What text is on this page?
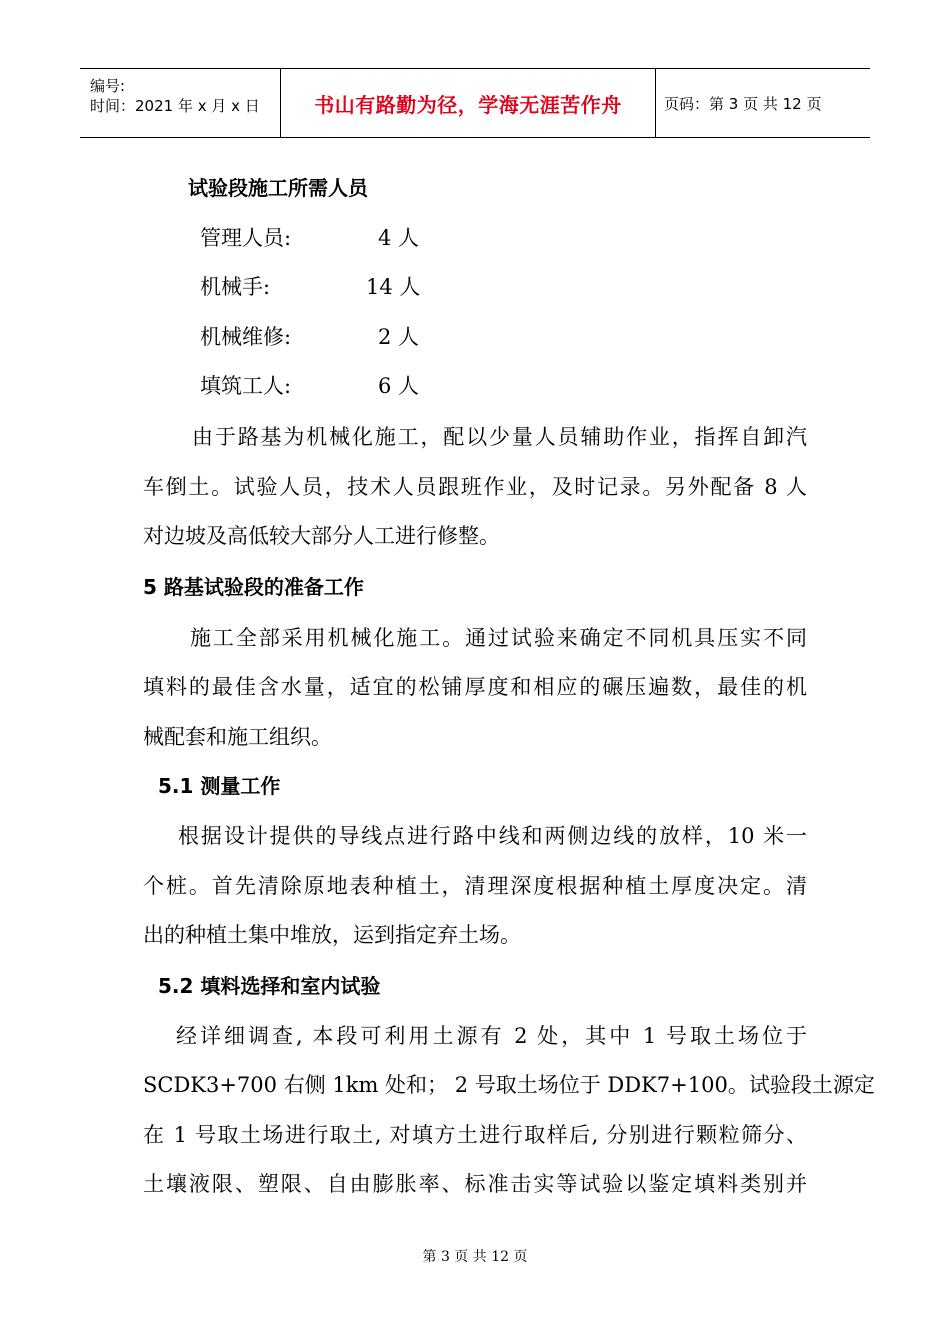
编号:
时间：2021 年 x 月 x 日	书山有路勤为径，学海无涯苦作舟	页码：第 3 页 共 12 页
试验段施工所需人员
管理人员:	4 人
机械手:	14 人
机械维修:	2 人
填筑工人:	6 人
由于路基为机械化施工，配以少量人员辅助作业，指挥自卸汽
车倒土。试验人员，技术人员跟班作业，及时记录。另外配备 8 人
对边坡及高低较大部分人工进行修整。
5 路基试验段的准备工作
施工全部采用机械化施工。通过试验来确定不同机具压实不同
填料的最佳含水量，适宜的松铺厚度和相应的碾压遍数，最佳的机
械配套和施工组织。
5.1 测量工作
根据设计提供的导线点进行路中线和两侧边线的放样，10 米一
个桩。首先清除原地表种植土，清理深度根据种植土厚度决定。清
出的种植土集中堆放，运到指定弃土场。
5.2 填料选择和室内试验
经详细调查, 本段可利用土源有 2 处，其中 1 号取土场位于
SCDK3+700 右侧 1km 处和； 2 号取土场位于 DDK7+100。试验段土源定
在 1 号取土场进行取土, 对填方土进行取样后, 分别进行颗粒筛分、
土壤液限、塑限、自由膨胀率、标准击实等试验以鉴定填料类别并
第 3 页 共 12 页
